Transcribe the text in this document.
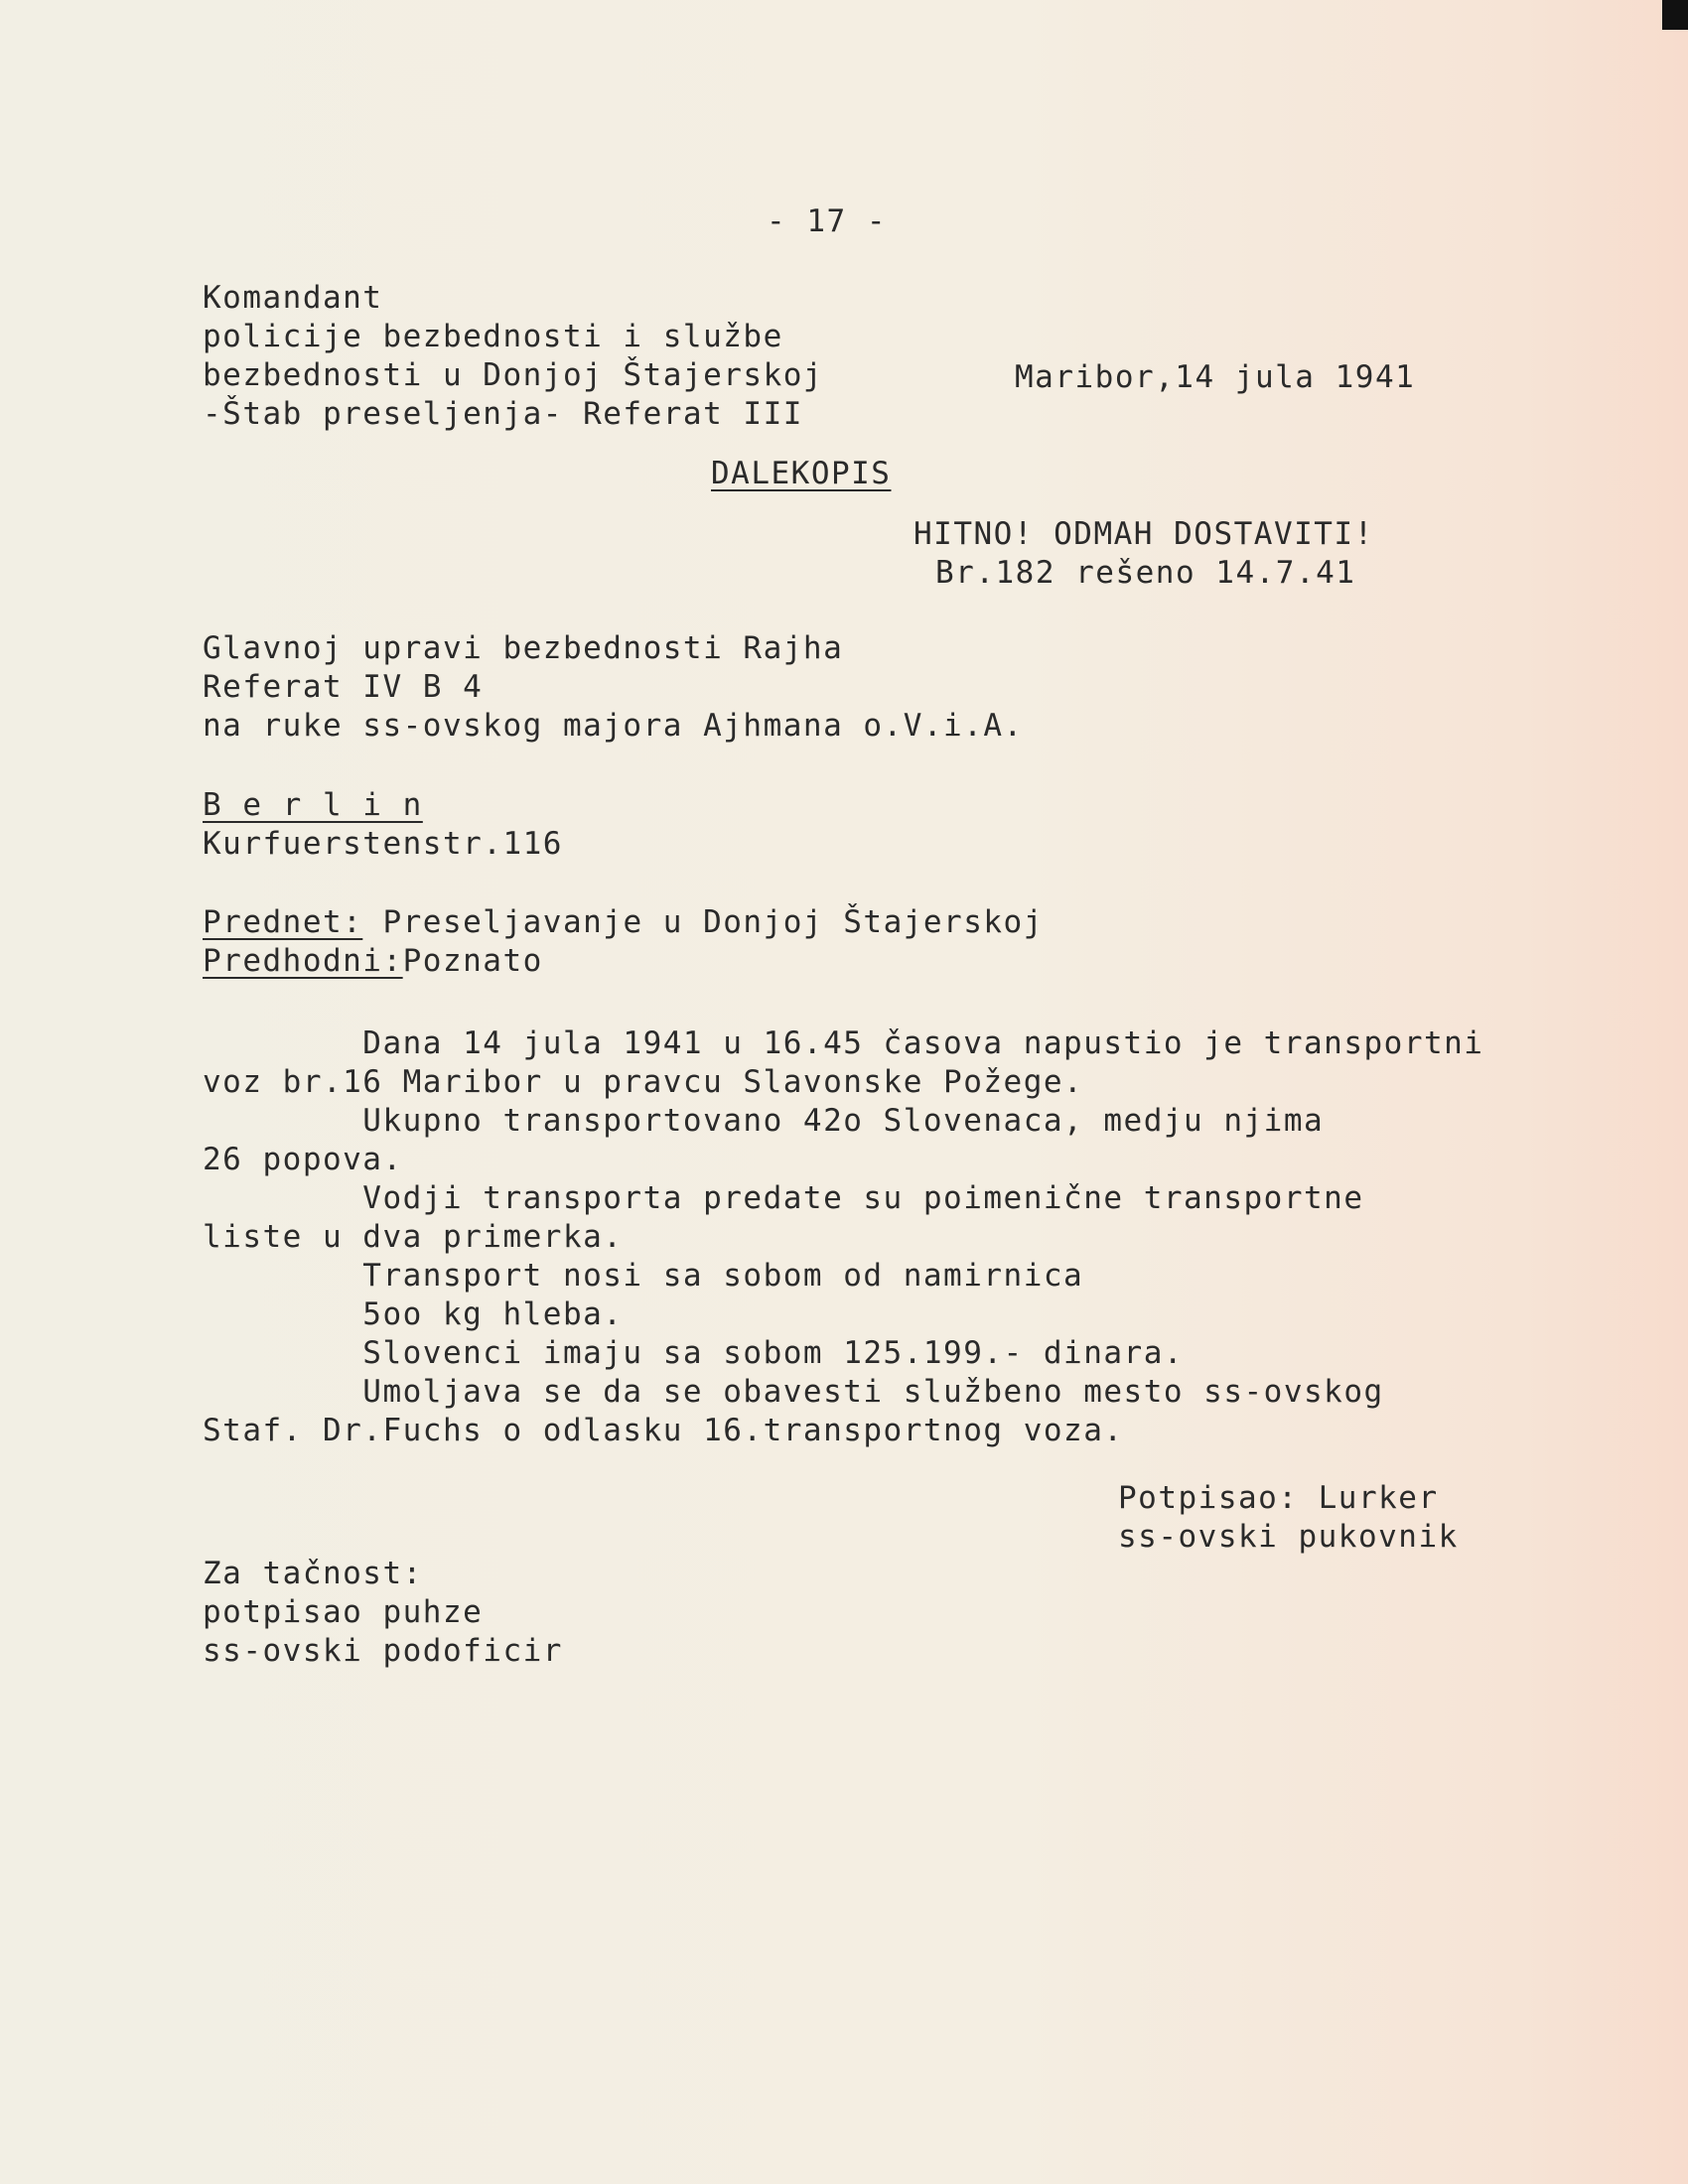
- 17 -
Komandant
policije bezbednosti i službe
bezbednosti u Donjoj Štajerskoj
-Štab preseljenja- Referat III
Maribor,14 jula 1941
DALEKOPIS
HITNO! ODMAH DOSTAVITI!
Br.182 rešeno 14.7.41
Glavnoj upravi bezbednosti Rajha
Referat IV B 4
na ruke ss-ovskog majora Ajhmana o.V.i.A.
B e r l i n
Kurfuerstenstr.116
Prednet: Preseljavanje u Donjoj Štajerskoj
Predhodni:Poznato
Dana 14 jula 1941 u 16.45 časova napustio je transportni
voz br.16 Maribor u pravcu Slavonske Požege.
Ukupno transportovano 42o Slovenaca, medju njima
26 popova.
Vodji transporta predate su poimenične transportne
liste u dva primerka.
Transport nosi sa sobom od namirnica
5oo kg hleba.
Slovenci imaju sa sobom 125.199.- dinara.
Umoljava se da se obavesti službeno mesto ss-ovskog
Staf. Dr.Fuchs o odlasku 16.transportnog voza.
Potpisao: Lurker
ss-ovski pukovnik
Za tačnost:
potpisao puhze
ss-ovski podoficir
